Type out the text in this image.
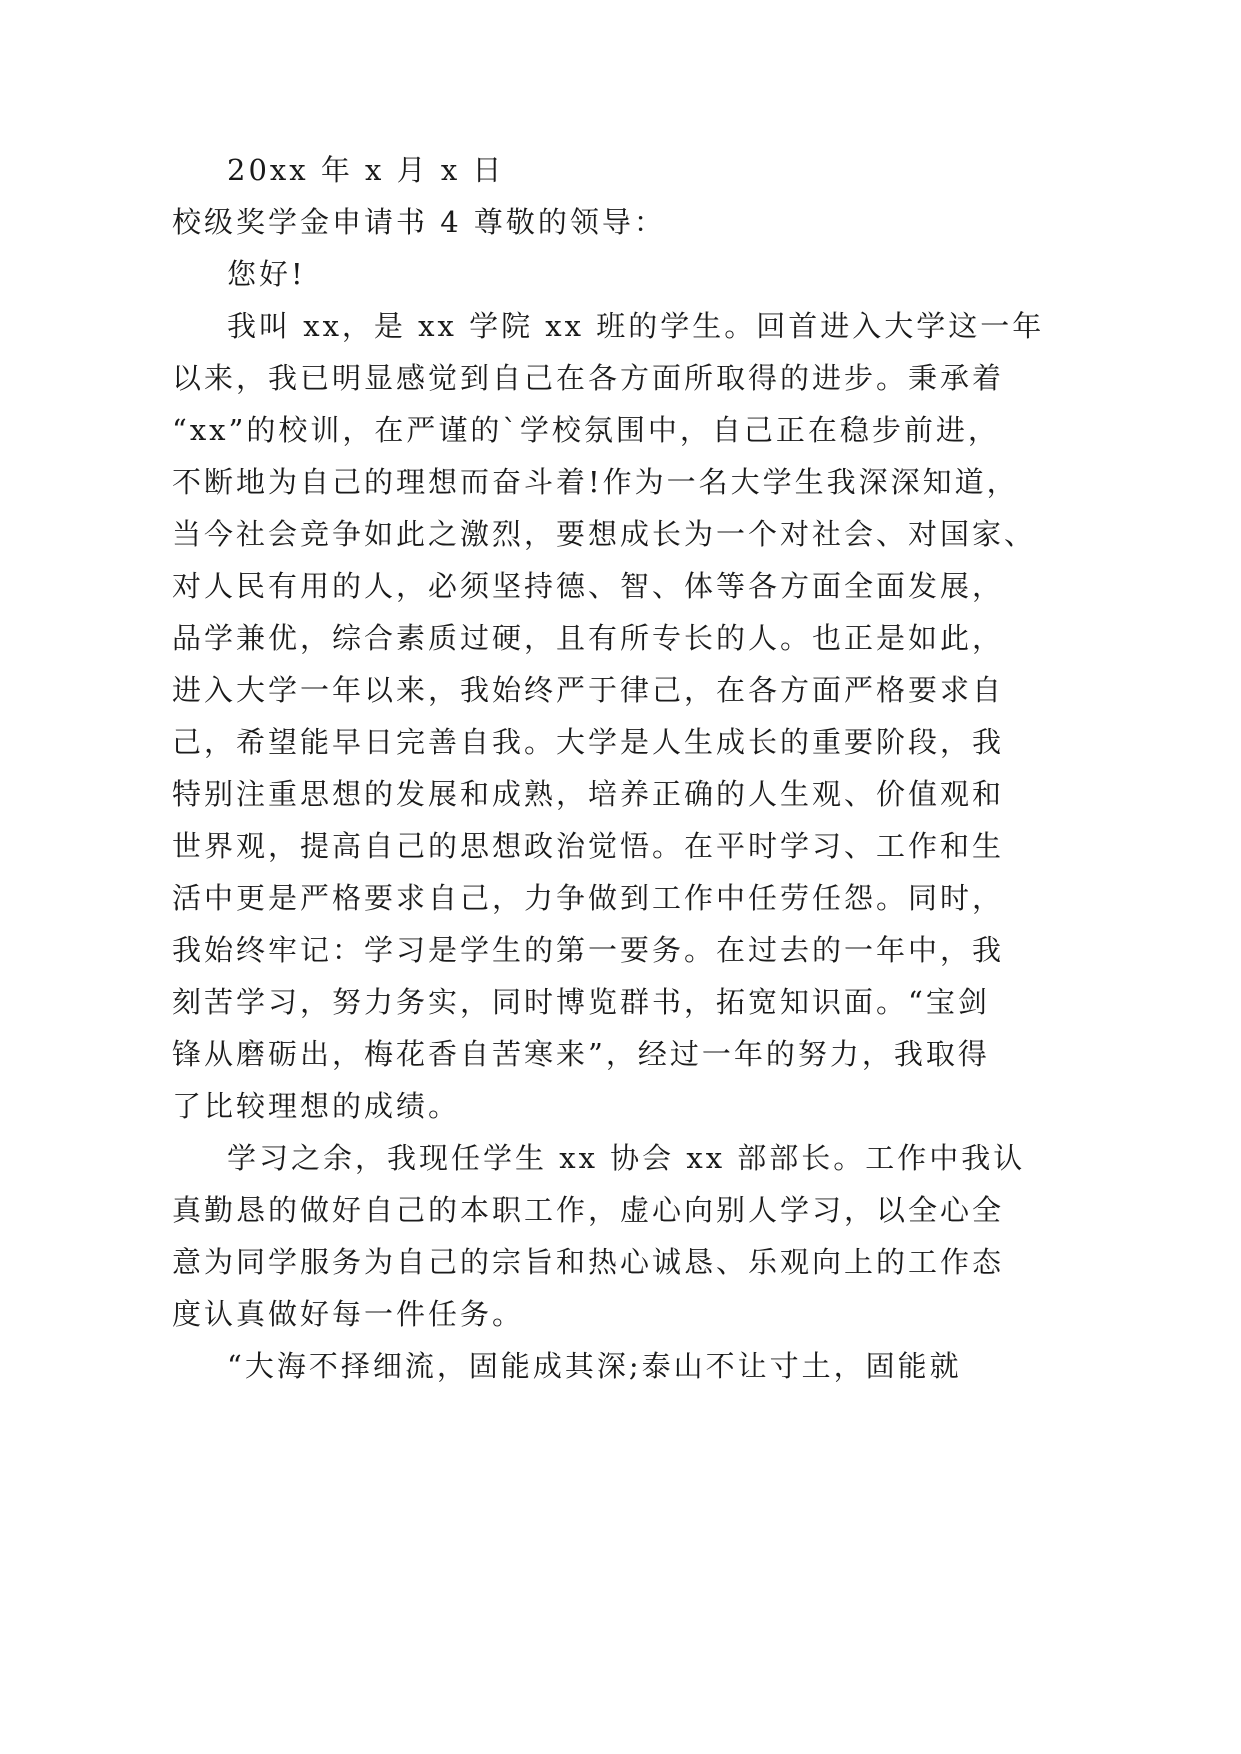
20xx 年 x 月 x 日
校级奖学金申请书 4 尊敬的领导：
您好!
我叫 xx，是 xx 学院 xx 班的学生。回首进入大学这一年
以来，我已明显感觉到自己在各方面所取得的进步。秉承着
“xx”的校训，在严谨的`学校氛围中，自己正在稳步前进，
不断地为自己的理想而奋斗着!作为一名大学生我深深知道，
当今社会竞争如此之激烈，要想成长为一个对社会、对国家、
对人民有用的人，必须坚持德、智、体等各方面全面发展，
品学兼优，综合素质过硬，且有所专长的人。也正是如此，
进入大学一年以来，我始终严于律己，在各方面严格要求自
己，希望能早日完善自我。大学是人生成长的重要阶段，我
特别注重思想的发展和成熟，培养正确的人生观、价值观和
世界观，提高自己的思想政治觉悟。在平时学习、工作和生
活中更是严格要求自己，力争做到工作中任劳任怨。同时，
我始终牢记：学习是学生的第一要务。在过去的一年中，我
刻苦学习，努力务实，同时博览群书，拓宽知识面。“宝剑
锋从磨砺出，梅花香自苦寒来”，经过一年的努力，我取得
了比较理想的成绩。
学习之余，我现任学生 xx 协会 xx 部部长。工作中我认
真勤恳的做好自己的本职工作，虚心向别人学习，以全心全
意为同学服务为自己的宗旨和热心诚恳、乐观向上的工作态
度认真做好每一件任务。
“大海不择细流，固能成其深;泰山不让寸土，固能就
